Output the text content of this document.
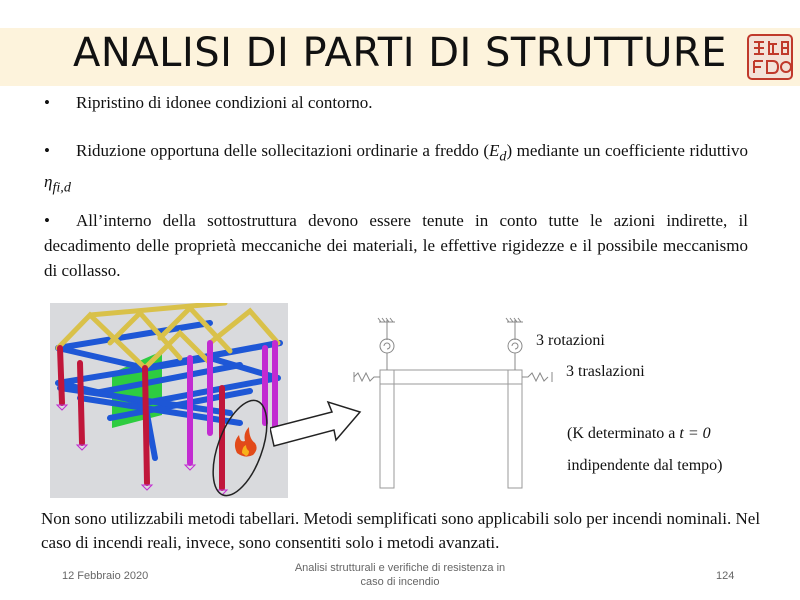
ANALISI DI PARTI DI STRUTTURE
• Ripristino di idonee condizioni al contorno.
• Riduzione opportuna delle sollecitazioni ordinarie a freddo $(E_d)$ mediante un coefficiente riduttivo $\eta_{fi,d}$
• All’interno della sottostruttura devono essere tenute in conto tutte le azioni indirette, il decadimento delle proprietà meccaniche dei materiali, le effettive rigidezze e il possibile meccanismo di collasso.
3 rotazioni
3 traslazioni
(K determinato a t = 0
indipendente dal tempo)
Non sono utilizzabili metodi tabellari. Metodi semplificati sono applicabili solo per incendi nominali. Nel caso di incendi reali, invece, sono consentiti solo i metodi avanzati.
12 Febbraio 2020
Analisi strutturali e verifiche di resistenza in
caso di incendio	124
